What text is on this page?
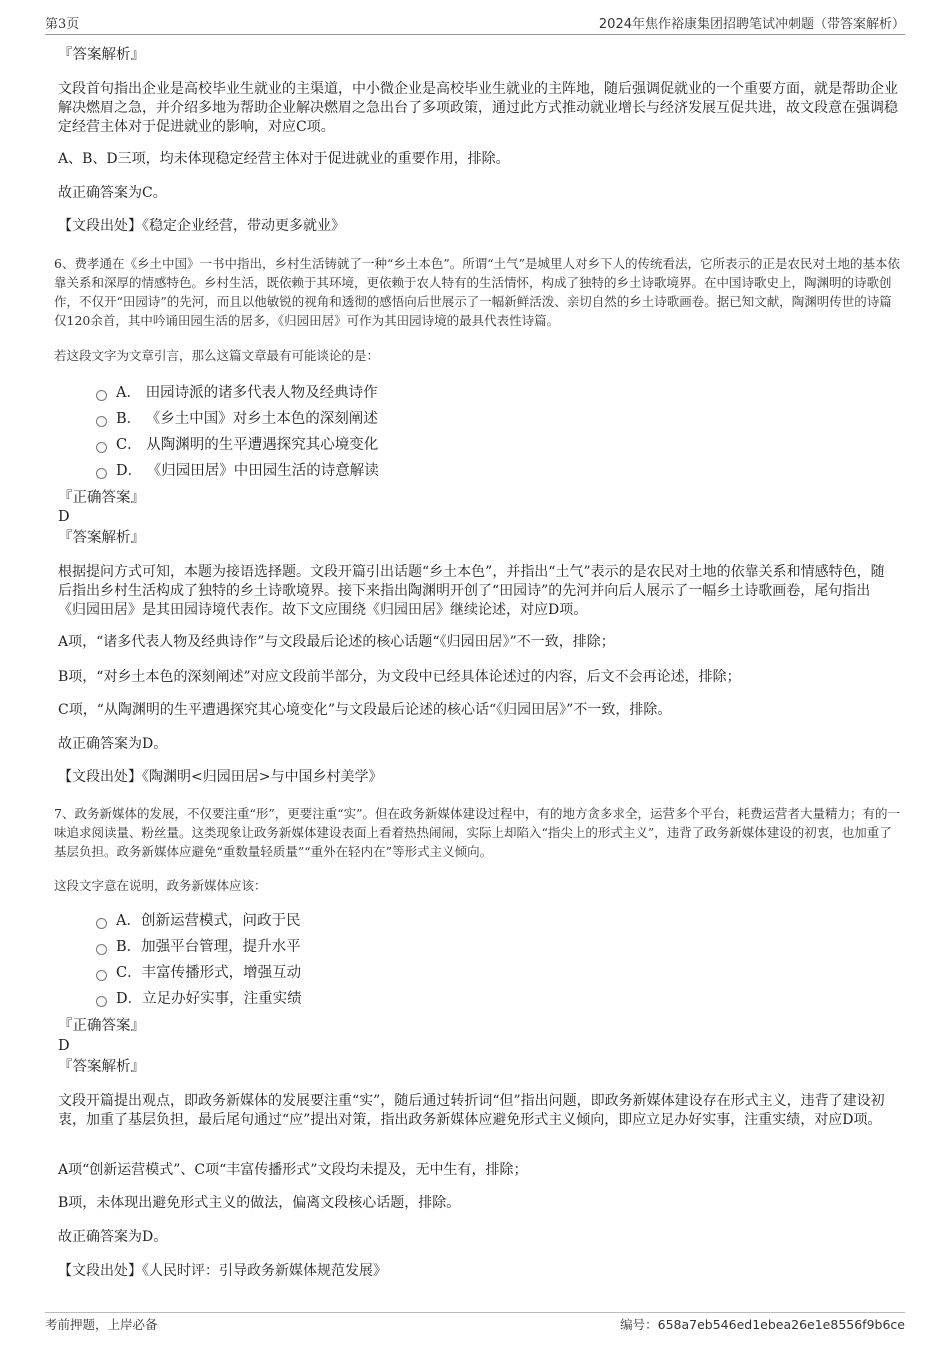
第3页	2024年焦作裕康集团招聘笔试冲刺题（带答案解析）

『答案解析』

文段首句指出企业是高校毕业生就业的主渠道，中小微企业是高校毕业生就业的主阵地，随后强调促就业的一个重要方面，就是帮助企业解决燃眉之急，并介绍多地为帮助企业解决燃眉之急出台了多项政策，通过此方式推动就业增长与经济发展互促共进，故文段意在强调稳定经营主体对于促进就业的影响，对应C项。

A、B、D三项，均未体现稳定经营主体对于促进就业的重要作用，排除。

故正确答案为C。

【文段出处】《稳定企业经营，带动更多就业》

6、费孝通在《乡土中国》一书中指出，乡村生活铸就了一种“乡土本色”。所谓“土气”是城里人对乡下人的传统看法，它所表示的正是农民对土地的基本依靠关系和深厚的情感特色。乡村生活，既依赖于其环境，更依赖于农人特有的生活情怀，构成了独特的乡土诗歌境界。在中国诗歌史上，陶渊明的诗歌创作，不仅开“田园诗”的先河，而且以他敏锐的视角和透彻的感悟向后世展示了一幅新鲜活泼、亲切自然的乡土诗歌画卷。据已知文献，陶渊明传世的诗篇仅120余首，其中吟诵田园生活的居多，《归园田居》可作为其田园诗境的最具代表性诗篇。

若这段文字为文章引言，那么这篇文章最有可能谈论的是：

A． 田园诗派的诸多代表人物及经典诗作
B． 《乡土中国》对乡土本色的深刻阐述
C． 从陶渊明的生平遭遇探究其心境变化
D． 《归园田居》中田园生活的诗意解读

『正确答案』

D

『答案解析』

根据提问方式可知，本题为接语选择题。文段开篇引出话题“乡土本色”，并指出“土气”表示的是农民对土地的依靠关系和情感特色，随后指出乡村生活构成了独特的乡土诗歌境界。接下来指出陶渊明开创了“田园诗”的先河并向后人展示了一幅乡土诗歌画卷，尾句指出《归园田居》是其田园诗境代表作。故下文应围绕《归园田居》继续论述，对应D项。

A项，“诸多代表人物及经典诗作”与文段最后论述的核心话题“《归园田居》”不一致，排除；

B项，“对乡土本色的深刻阐述”对应文段前半部分，为文段中已经具体论述过的内容，后文不会再论述，排除；

C项，“从陶渊明的生平遭遇探究其心境变化”与文段最后论述的核心话“《归园田居》”不一致，排除。

故正确答案为D。

【文段出处】《陶渊明<归园田居>与中国乡村美学》

7、政务新媒体的发展，不仅要注重“形”，更要注重“实”。但在政务新媒体建设过程中，有的地方贪多求全，运营多个平台，耗费运营者大量精力；有的一味追求阅读量、粉丝量。这类现象让政务新媒体建设表面上看着热热闹闹，实际上却陷入“指尖上的形式主义”，违背了政务新媒体建设的初衷，也加重了基层负担。政务新媒体应避免“重数量轻质量”“重外在轻内在”等形式主义倾向。

这段文字意在说明，政务新媒体应该：

A．创新运营模式，问政于民
B．加强平台管理，提升水平
C．丰富传播形式，增强互动
D．立足办好实事，注重实绩

『正确答案』

D

『答案解析』

文段开篇提出观点，即政务新媒体的发展要注重“实”，随后通过转折词“但”指出问题，即政务新媒体建设存在形式主义，违背了建设初衷，加重了基层负担，最后尾句通过“应”提出对策，指出政务新媒体应避免形式主义倾向，即应立足办好实事，注重实绩，对应D项。

A项“创新运营模式”、C项“丰富传播形式”文段均未提及，无中生有，排除；

B项，未体现出避免形式主义的做法，偏离文段核心话题，排除。

故正确答案为D。

【文段出处】《人民时评：引导政务新媒体规范发展》

考前押题，上岸必备	编号：658a7eb546ed1ebea26e1e8556f9b6ce
